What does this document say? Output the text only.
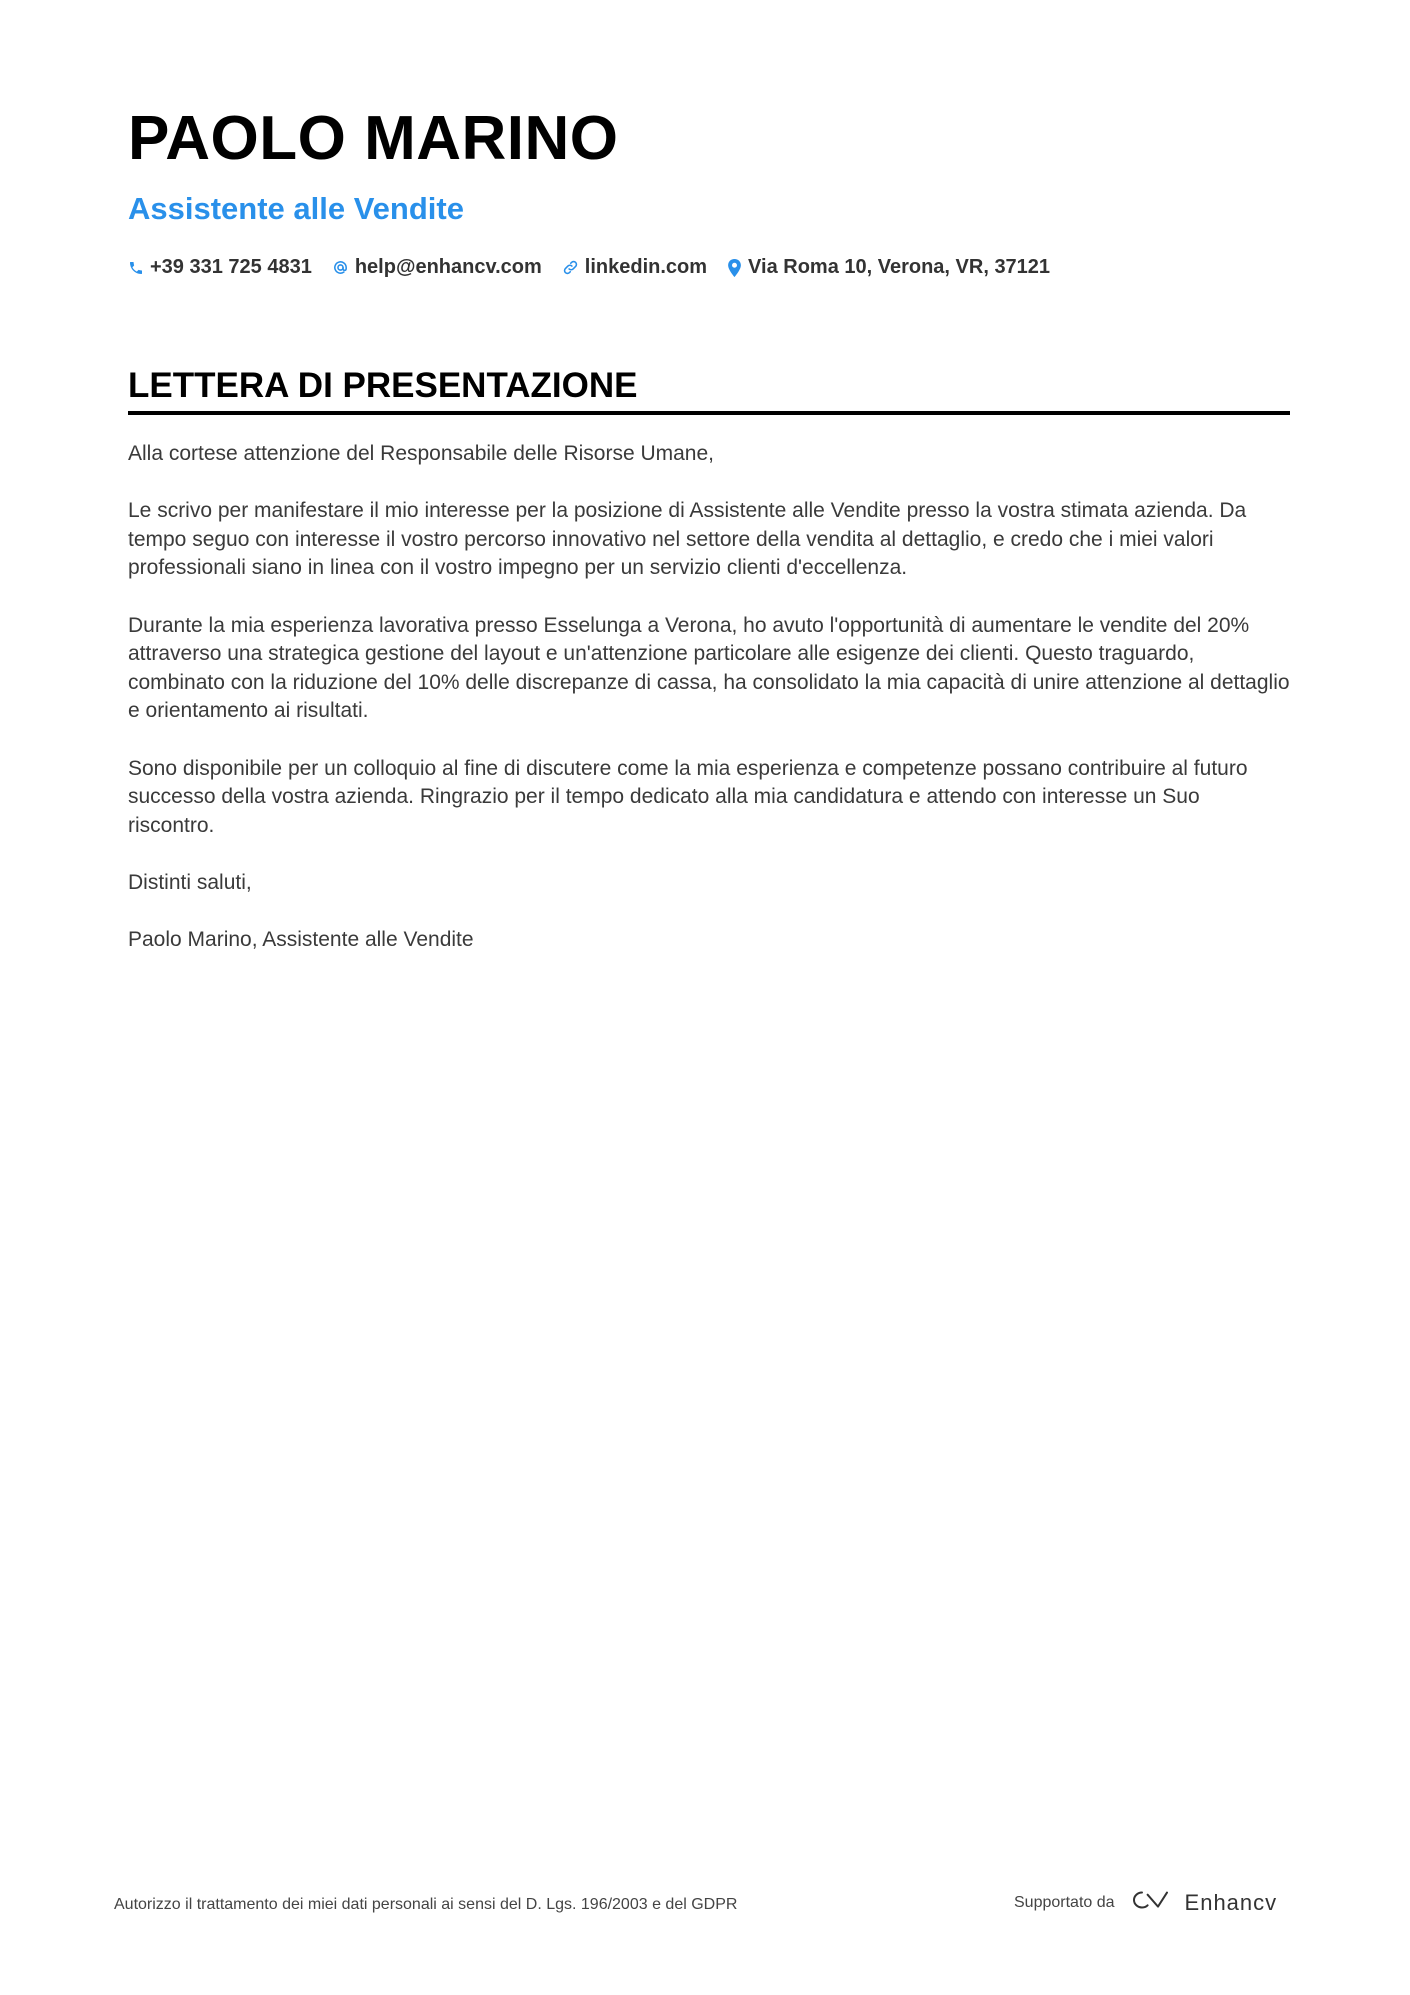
PAOLO MARINO
Assistente alle Vendite
+39 331 725 4831 help@enhancv.com linkedin.com Via Roma 10, Verona, VR, 37121
LETTERA DI PRESENTAZIONE

Alla cortese attenzione del Responsabile delle Risorse Umane,

Le scrivo per manifestare il mio interesse per la posizione di Assistente alle Vendite presso la vostra stimata azienda. Da tempo seguo con interesse il vostro percorso innovativo nel settore della vendita al dettaglio, e credo che i miei valori professionali siano in linea con il vostro impegno per un servizio clienti d'eccellenza.

Durante la mia esperienza lavorativa presso Esselunga a Verona, ho avuto l'opportunità di aumentare le vendite del 20% attraverso una strategica gestione del layout e un'attenzione particolare alle esigenze dei clienti. Questo traguardo, combinato con la riduzione del 10% delle discrepanze di cassa, ha consolidato la mia capacità di unire attenzione al dettaglio e orientamento ai risultati.

Sono disponibile per un colloquio al fine di discutere come la mia esperienza e competenze possano contribuire al futuro successo della vostra azienda. Ringrazio per il tempo dedicato alla mia candidatura e attendo con interesse un Suo riscontro.

Distinti saluti,

Paolo Marino, Assistente alle Vendite

Autorizzo il trattamento dei miei dati personali ai sensi del D. Lgs. 196/2003 e del GDPR	Supportato da	Enhancv
